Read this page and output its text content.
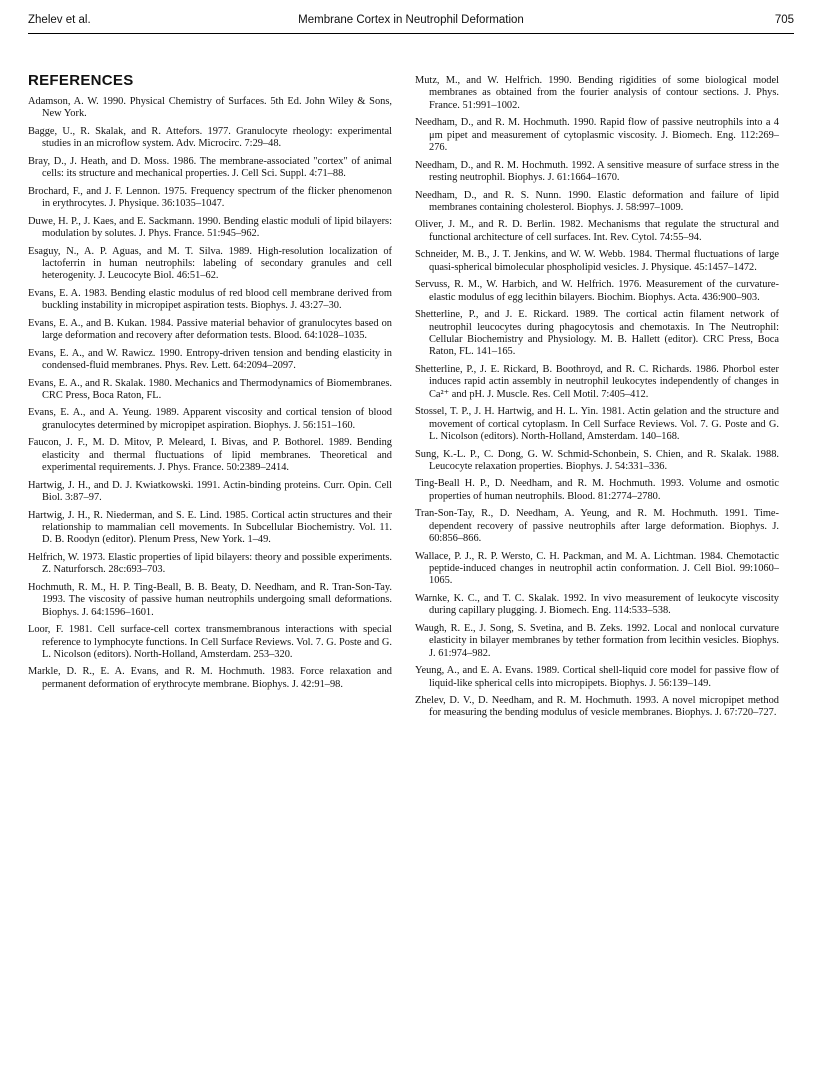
Zhelev et al.	Membrane Cortex in Neutrophil Deformation	705
REFERENCES
Adamson, A. W. 1990. Physical Chemistry of Surfaces. 5th Ed. John Wiley & Sons, New York.
Bagge, U., R. Skalak, and R. Attefors. 1977. Granulocyte rheology: experimental studies in an microflow system. Adv. Microcirc. 7:29–48.
Bray, D., J. Heath, and D. Moss. 1986. The membrane-associated "cortex" of animal cells: its structure and mechanical properties. J. Cell Sci. Suppl. 4:71–88.
Brochard, F., and J. F. Lennon. 1975. Frequency spectrum of the flicker phenomenon in erythrocytes. J. Physique. 36:1035–1047.
Duwe, H. P., J. Kaes, and E. Sackmann. 1990. Bending elastic moduli of lipid bilayers: modulation by solutes. J. Phys. France. 51:945–962.
Esaguy, N., A. P. Aguas, and M. T. Silva. 1989. High-resolution localization of lactoferrin in human neutrophils: labeling of secondary granules and cell heterogenity. J. Leucocyte Biol. 46:51–62.
Evans, E. A. 1983. Bending elastic modulus of red blood cell membrane derived from buckling instability in micropipet aspiration tests. Biophys. J. 43:27–30.
Evans, E. A., and B. Kukan. 1984. Passive material behavior of granulocytes based on large deformation and recovery after deformation tests. Blood. 64:1028–1035.
Evans, E. A., and W. Rawicz. 1990. Entropy-driven tension and bending elasticity in condensed-fluid membranes. Phys. Rev. Lett. 64:2094–2097.
Evans, E. A., and R. Skalak. 1980. Mechanics and Thermodynamics of Biomembranes. CRC Press, Boca Raton, FL.
Evans, E. A., and A. Yeung. 1989. Apparent viscosity and cortical tension of blood granulocytes determined by micropipet aspiration. Biophys. J. 56:151–160.
Faucon, J. F., M. D. Mitov, P. Meleard, I. Bivas, and P. Bothorel. 1989. Bending elasticity and thermal fluctuations of lipid membranes. Theoretical and experimental requirements. J. Phys. France. 50:2389–2414.
Hartwig, J. H., and D. J. Kwiatkowski. 1991. Actin-binding proteins. Curr. Opin. Cell Biol. 3:87–97.
Hartwig, J. H., R. Niederman, and S. E. Lind. 1985. Cortical actin structures and their relationship to mammalian cell movements. In Subcellular Biochemistry. Vol. 11. D. B. Roodyn (editor). Plenum Press, New York. 1–49.
Helfrich, W. 1973. Elastic properties of lipid bilayers: theory and possible experiments. Z. Naturforsch. 28c:693–703.
Hochmuth, R. M., H. P. Ting-Beall, B. B. Beaty, D. Needham, and R. Tran-Son-Tay. 1993. The viscosity of passive human neutrophils undergoing small deformations. Biophys. J. 64:1596–1601.
Loor, F. 1981. Cell surface-cell cortex transmembranous interactions with special reference to lymphocyte functions. In Cell Surface Reviews. Vol. 7. G. Poste and G. L. Nicolson (editors). North-Holland, Amsterdam. 253–320.
Markle, D. R., E. A. Evans, and R. M. Hochmuth. 1983. Force relaxation and permanent deformation of erythrocyte membrane. Biophys. J. 42:91–98.
Mutz, M., and W. Helfrich. 1990. Bending rigidities of some biological model membranes as obtained from the fourier analysis of contour sections. J. Phys. France. 51:991–1002.
Needham, D., and R. M. Hochmuth. 1990. Rapid flow of passive neutrophils into a 4 μm pipet and measurement of cytoplasmic viscosity. J. Biomech. Eng. 112:269–276.
Needham, D., and R. M. Hochmuth. 1992. A sensitive measure of surface stress in the resting neutrophil. Biophys. J. 61:1664–1670.
Needham, D., and R. S. Nunn. 1990. Elastic deformation and failure of lipid membranes containing cholesterol. Biophys. J. 58:997–1009.
Oliver, J. M., and R. D. Berlin. 1982. Mechanisms that regulate the structural and functional architecture of cell surfaces. Int. Rev. Cytol. 74:55–94.
Schneider, M. B., J. T. Jenkins, and W. W. Webb. 1984. Thermal fluctuations of large quasi-spherical bimolecular phospholipid vesicles. J. Physique. 45:1457–1472.
Servuss, R. M., W. Harbich, and W. Helfrich. 1976. Measurement of the curvature-elastic modulus of egg lecithin bilayers. Biochim. Biophys. Acta. 436:900–903.
Shetterline, P., and J. E. Rickard. 1989. The cortical actin filament network of neutrophil leucocytes during phagocytosis and chemotaxis. In The Neutrophil: Cellular Biochemistry and Physiology. M. B. Hallett (editor). CRC Press, Boca Raton, FL. 141–165.
Shetterline, P., J. E. Rickard, B. Boothroyd, and R. C. Richards. 1986. Phorbol ester induces rapid actin assembly in neutrophil leukocytes independently of changes in Ca²⁺ and pH. J. Muscle. Res. Cell Motil. 7:405–412.
Stossel, T. P., J. H. Hartwig, and H. L. Yin. 1981. Actin gelation and the structure and movement of cortical cytoplasm. In Cell Surface Reviews. Vol. 7. G. Poste and G. L. Nicolson (editors). North-Holland, Amsterdam. 140–168.
Sung, K.-L. P., C. Dong, G. W. Schmid-Schonbein, S. Chien, and R. Skalak. 1988. Leucocyte relaxation properties. Biophys. J. 54:331–336.
Ting-Beall H. P., D. Needham, and R. M. Hochmuth. 1993. Volume and osmotic properties of human neutrophils. Blood. 81:2774–2780.
Tran-Son-Tay, R., D. Needham, A. Yeung, and R. M. Hochmuth. 1991. Time-dependent recovery of passive neutrophils after large deformation. Biophys. J. 60:856–866.
Wallace, P. J., R. P. Wersto, C. H. Packman, and M. A. Lichtman. 1984. Chemotactic peptide-induced changes in neutrophil actin conformation. J. Cell Biol. 99:1060–1065.
Warnke, K. C., and T. C. Skalak. 1992. In vivo measurement of leukocyte viscosity during capillary plugging. J. Biomech. Eng. 114:533–538.
Waugh, R. E., J. Song, S. Svetina, and B. Zeks. 1992. Local and nonlocal curvature elasticity in bilayer membranes by tether formation from lecithin vesicles. Biophys. J. 61:974–982.
Yeung, A., and E. A. Evans. 1989. Cortical shell-liquid core model for passive flow of liquid-like spherical cells into micropipets. Biophys. J. 56:139–149.
Zhelev, D. V., D. Needham, and R. M. Hochmuth. 1993. A novel micropipet method for measuring the bending modulus of vesicle membranes. Biophys. J. 67:720–727.
